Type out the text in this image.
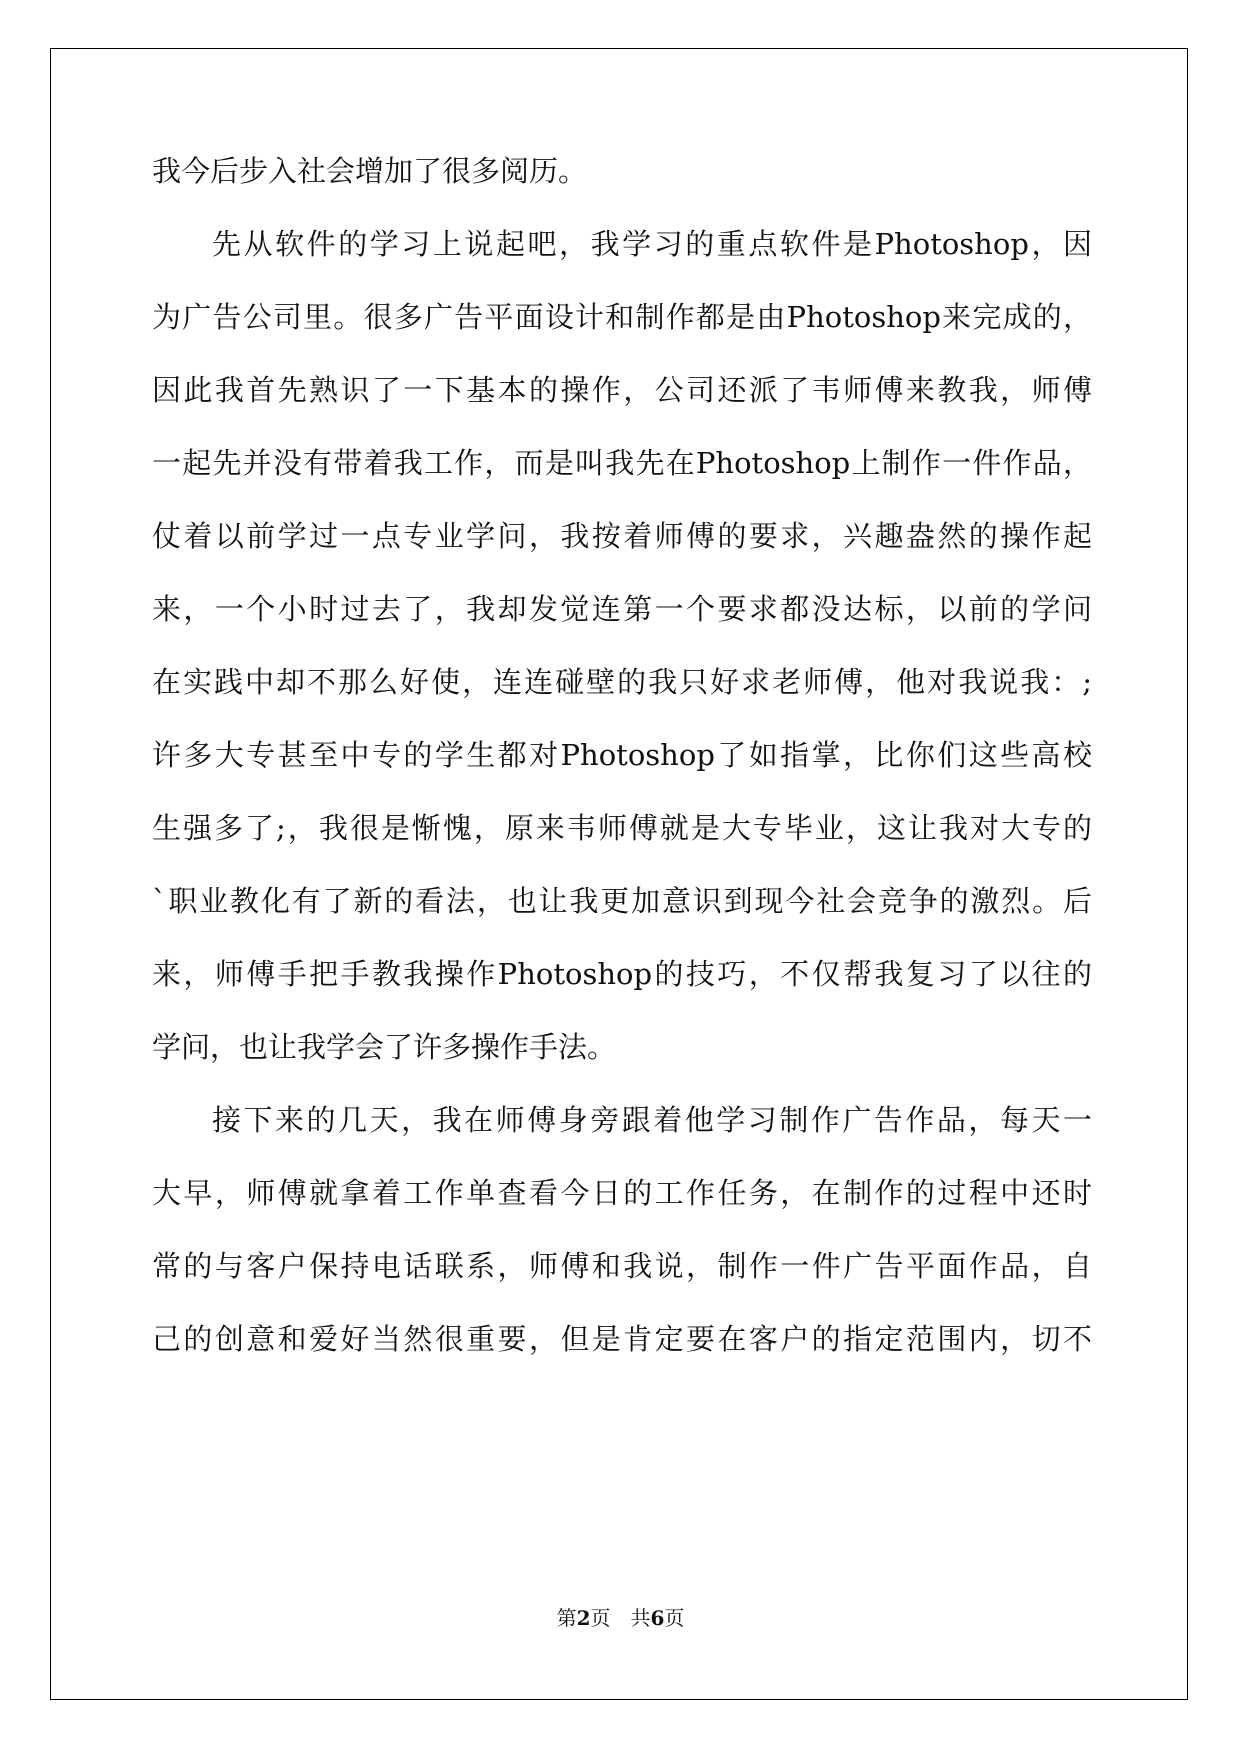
我今后步入社会增加了很多阅历。
先从软件的学习上说起吧，我学习的重点软件是Photoshop，因
为广告公司里。很多广告平面设计和制作都是由Photoshop来完成的，
因此我首先熟识了一下基本的操作，公司还派了韦师傅来教我，师傅
一起先并没有带着我工作，而是叫我先在Photoshop上制作一件作品，
仗着以前学过一点专业学问，我按着师傅的要求，兴趣盎然的操作起
来，一个小时过去了，我却发觉连第一个要求都没达标，以前的学问
在实践中却不那么好使，连连碰壁的我只好求老师傅，他对我说我：;
许多大专甚至中专的学生都对Photoshop了如指掌，比你们这些高校
生强多了;，我很是惭愧，原来韦师傅就是大专毕业，这让我对大专的
`职业教化有了新的看法，也让我更加意识到现今社会竞争的激烈。后
来，师傅手把手教我操作Photoshop的技巧，不仅帮我复习了以往的
学问，也让我学会了许多操作手法。
接下来的几天，我在师傅身旁跟着他学习制作广告作品，每天一
大早，师傅就拿着工作单查看今日的工作任务，在制作的过程中还时
常的与客户保持电话联系，师傅和我说，制作一件广告平面作品，自
己的创意和爱好当然很重要，但是肯定要在客户的指定范围内，切不
第2页　共6页
